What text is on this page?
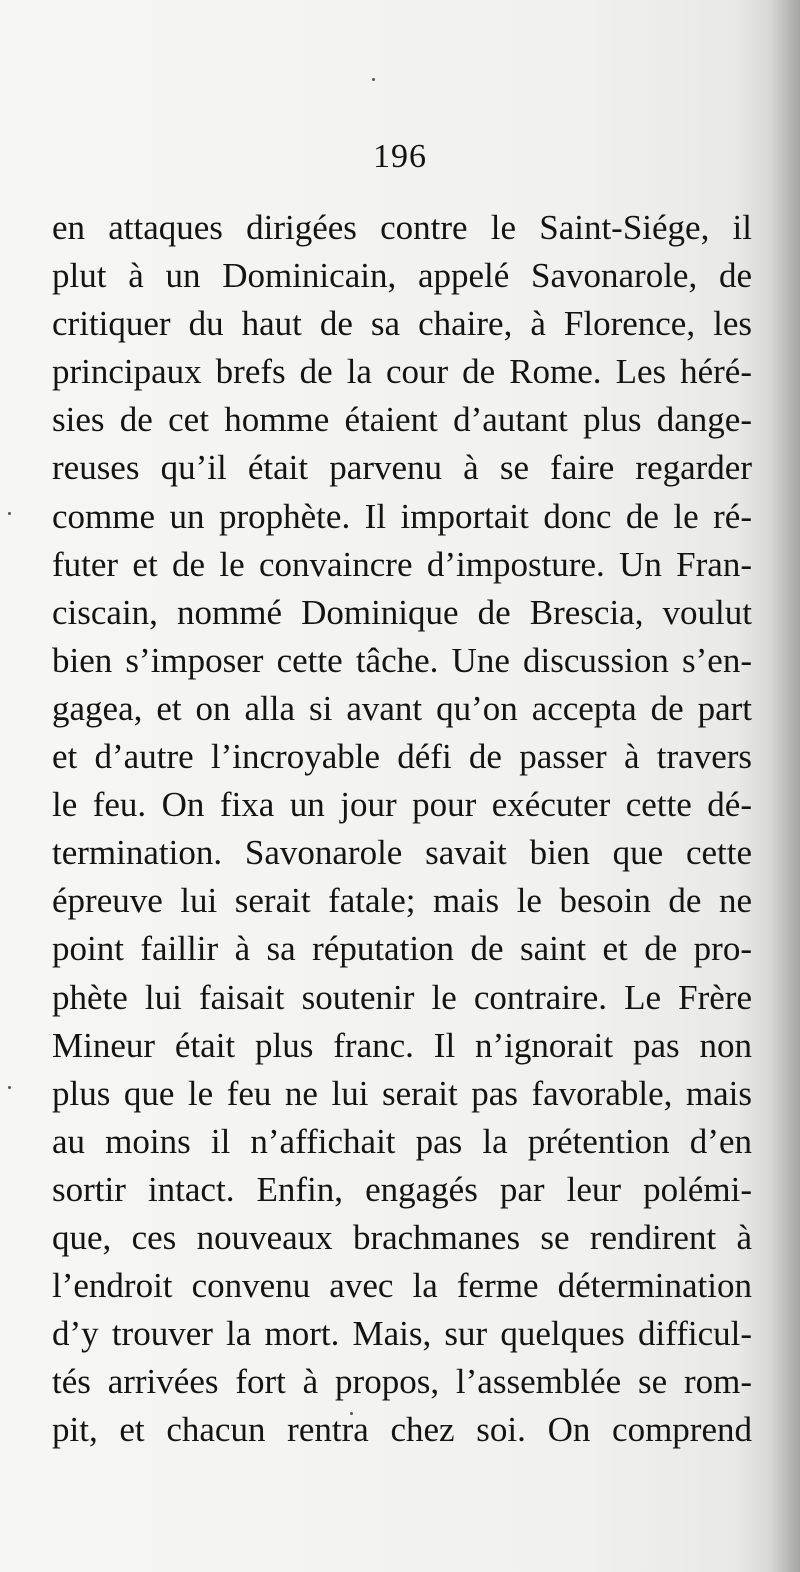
196
en attaques dirigées contre le Saint-Siége, il
plut à un Dominicain, appelé Savonarole, de
critiquer du haut de sa chaire, à Florence, les
principaux brefs de la cour de Rome. Les héré-
sies de cet homme étaient d’autant plus dange-
reuses qu’il était parvenu à se faire regarder
comme un prophète. Il importait donc de le ré-
futer et de le convaincre d’imposture. Un Fran-
ciscain, nommé Dominique de Brescia, voulut
bien s’imposer cette tâche. Une discussion s’en-
gagea, et on alla si avant qu’on accepta de part
et d’autre l’incroyable défi de passer à travers
le feu. On fixa un jour pour exécuter cette dé-
termination. Savonarole savait bien que cette
épreuve lui serait fatale; mais le besoin de ne
point faillir à sa réputation de saint et de pro-
phète lui faisait soutenir le contraire. Le Frère
Mineur était plus franc. Il n’ignorait pas non
plus que le feu ne lui serait pas favorable, mais
au moins il n’affichait pas la prétention d’en
sortir intact. Enfin, engagés par leur polémi-
que, ces nouveaux brachmanes se rendirent à
l’endroit convenu avec la ferme détermination
d’y trouver la mort. Mais, sur quelques difficul-
tés arrivées fort à propos, l’assemblée se rom-
pit, et chacun rentra chez soi. On comprend
